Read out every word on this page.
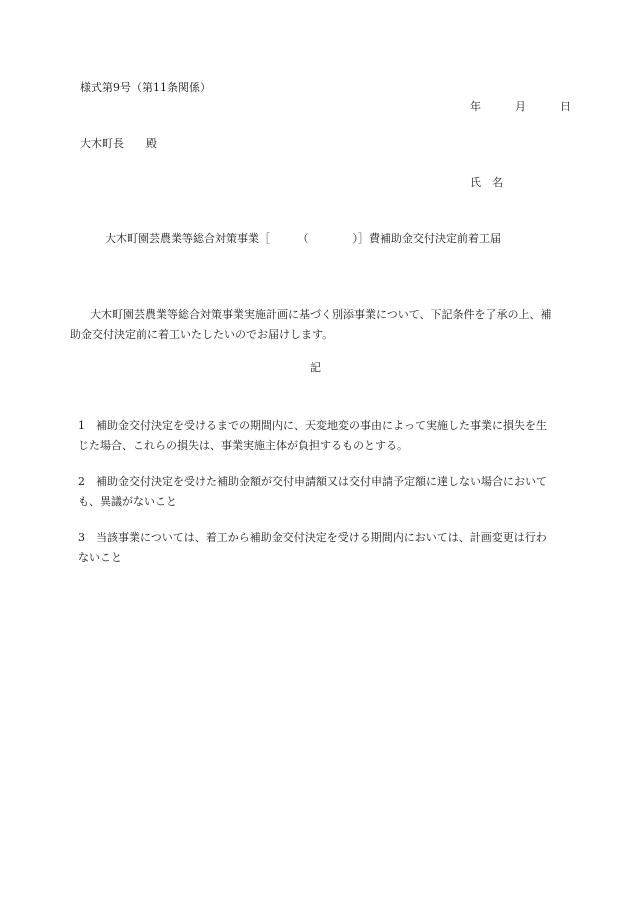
様式第9号（第11条関係）
年	月	日
大木町長　　殿
氏　名
大木町園芸農業等総合対策事業［　　　（　　　　）］費補助金交付決定前着工届
大木町園芸農業等総合対策事業実施計画に基づく別添事業について、下記条件を了承の上、補助金交付決定前に着工いたしたいのでお届けします。
記
1 補助金交付決定を受けるまでの期間内に、天変地変の事由によって実施した事業に損失を生じた場合、これらの損失は、事業実施主体が負担するものとする。
2 補助金交付決定を受けた補助金額が交付申請額又は交付申請予定額に達しない場合においても、異議がないこと
3 当該事業については、着工から補助金交付決定を受ける期間内においては、計画変更は行わないこと
